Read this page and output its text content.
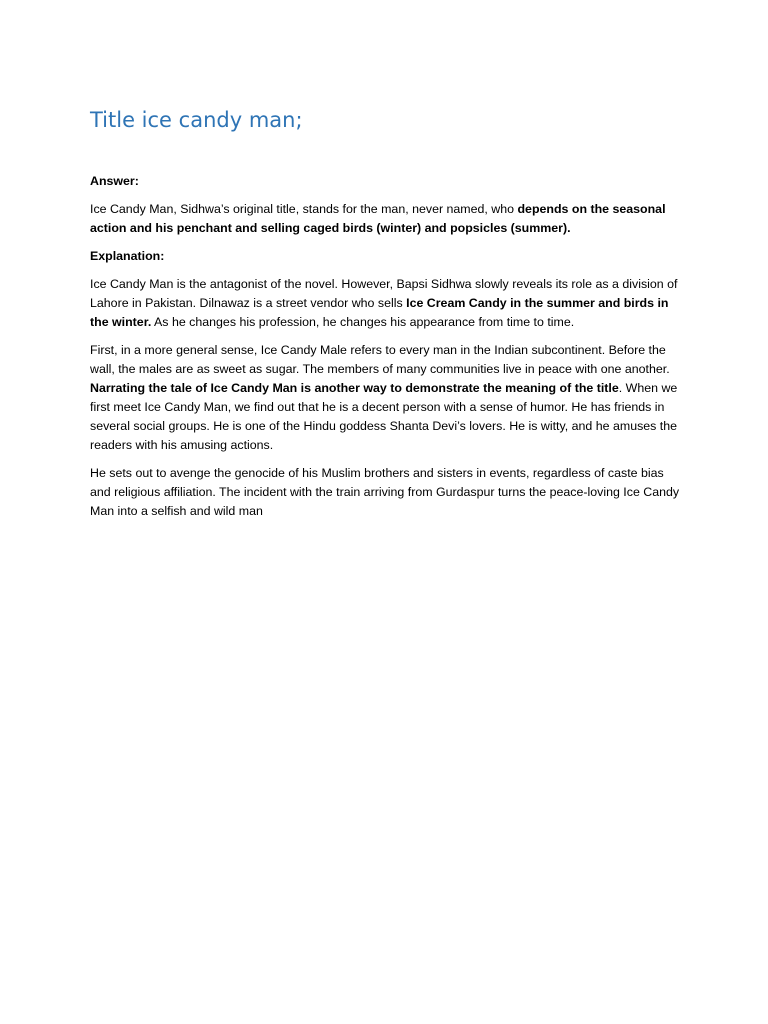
Title ice candy man;

Answer:

Ice Candy Man, Sidhwa’s original title, stands for the man, never named, who depends on the seasonal action and his penchant and selling caged birds (winter) and popsicles (summer).

Explanation:

Ice Candy Man is the antagonist of the novel. However, Bapsi Sidhwa slowly reveals its role as a division of Lahore in Pakistan. Dilnawaz is a street vendor who sells Ice Cream Candy in the summer and birds in the winter. As he changes his profession, he changes his appearance from time to time.

First, in a more general sense, Ice Candy Male refers to every man in the Indian subcontinent. Before the wall, the males are as sweet as sugar. The members of many communities live in peace with one another. Narrating the tale of Ice Candy Man is another way to demonstrate the meaning of the title. When we first meet Ice Candy Man, we find out that he is a decent person with a sense of humor. He has friends in several social groups. He is one of the Hindu goddess Shanta Devi’s lovers. He is witty, and he amuses the readers with his amusing actions.

He sets out to avenge the genocide of his Muslim brothers and sisters in events, regardless of caste bias and religious affiliation. The incident with the train arriving from Gurdaspur turns the peace-loving Ice Candy Man into a selfish and wild man
